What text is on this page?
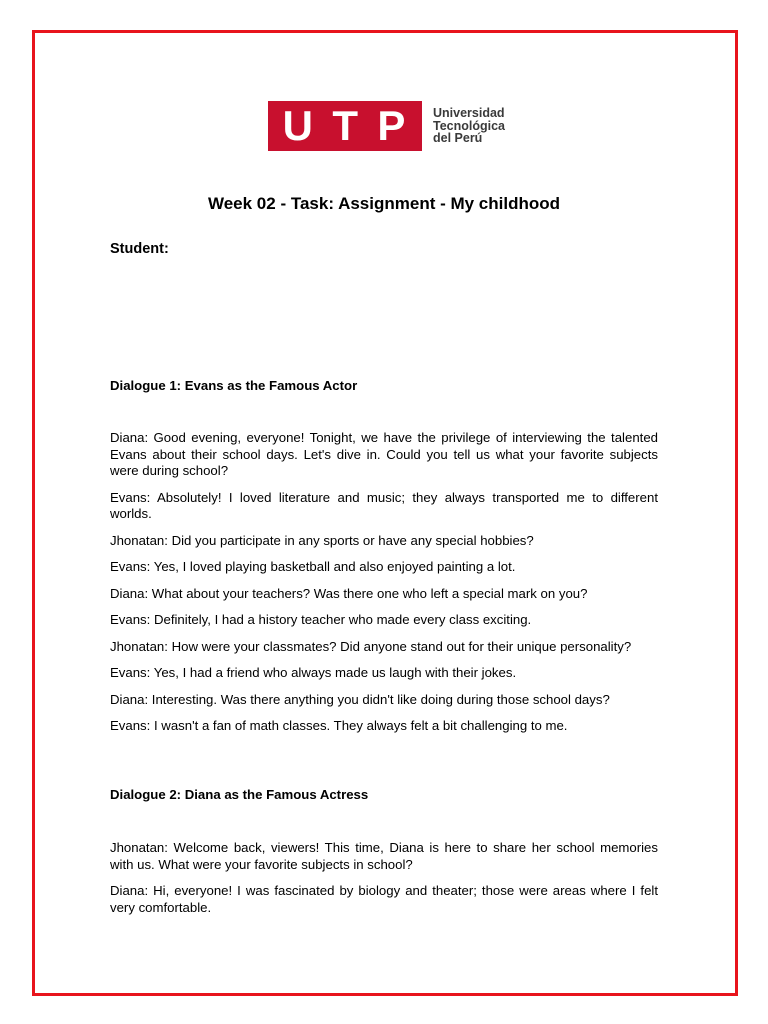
U T P Universidad
Tecnológica
del Perú
Week 02 - Task: Assignment - My childhood
Student:
Dialogue 1: Evans as the Famous Actor

Diana: Good evening, everyone! Tonight, we have the privilege of interviewing the talented Evans about their school days. Let's dive in. Could you tell us what your favorite subjects were during school?

Evans: Absolutely! I loved literature and music; they always transported me to different worlds.

Jhonatan: Did you participate in any sports or have any special hobbies?

Evans: Yes, I loved playing basketball and also enjoyed painting a lot.

Diana: What about your teachers? Was there one who left a special mark on you?

Evans: Definitely, I had a history teacher who made every class exciting.

Jhonatan: How were your classmates? Did anyone stand out for their unique personality?

Evans: Yes, I had a friend who always made us laugh with their jokes.

Diana: Interesting. Was there anything you didn't like doing during those school days?

Evans: I wasn't a fan of math classes. They always felt a bit challenging to me.

Dialogue 2: Diana as the Famous Actress

Jhonatan: Welcome back, viewers! This time, Diana is here to share her school memories with us. What were your favorite subjects in school?

Diana: Hi, everyone! I was fascinated by biology and theater; those were areas where I felt very comfortable.
